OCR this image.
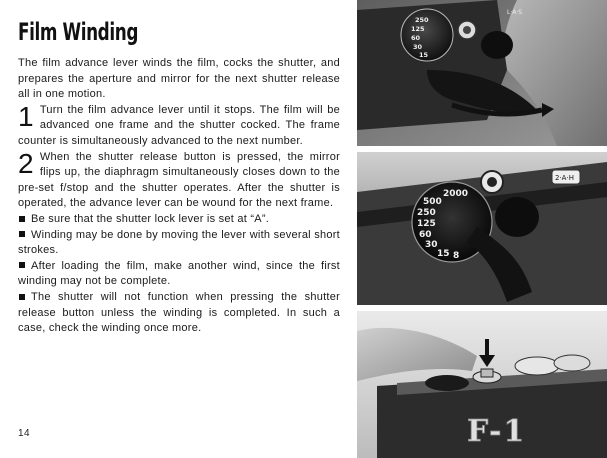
Film Winding

The film advance lever winds the film, cocks the shutter, and prepares the aperture and mirror for the next shutter release all in one motion.

1 Turn the film advance lever until it stops. The film will be advanced one frame and the shutter cocked. The frame counter is simultaneously advanced to the next number.

2 When the shutter release button is pressed, the mirror flips up, the diaphragm simultaneously closes down to the pre-set f/stop and the shutter operates. After the shutter is operated, the advance lever can be wound for the next frame.

Be sure that the shutter lock lever is set at “A”.

Winding may be done by moving the lever with several short strokes.

After loading the film, make another wind, since the first winding may not be complete.

The shutter will not function when pressing the shutter release button unless the winding is completed. In such a case, check the winding once more.

14
250
125
60
30
15
L·A·S
2000
500
250
125
60
30
15 8
2·A·H
F-1
